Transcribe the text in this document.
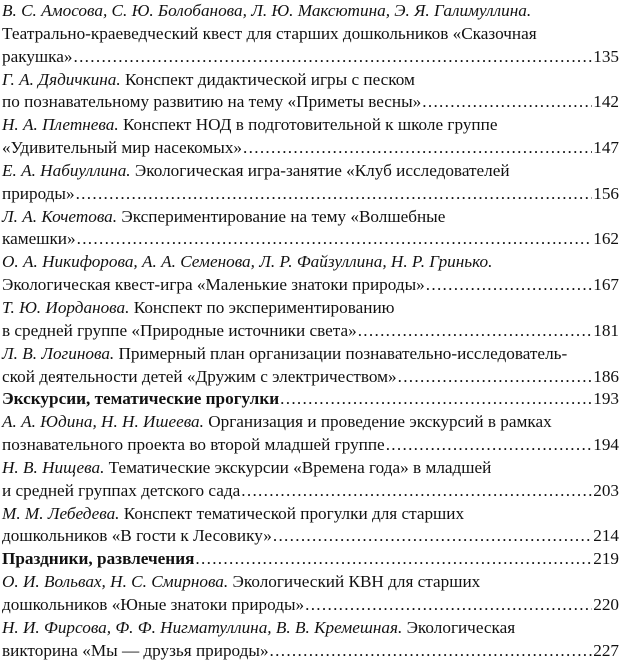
В. С. Амосова, С. Ю. Болобанова, Л. Ю. Максютина, Э. Я. Галимуллина.
Театрально-краеведческий квест для старших дошкольников «Сказочная
ракушка» . . .	135
Г. А. Дядичкина. Конспект дидактической игры с песком
по познавательному развитию на тему «Приметы весны» . . .	142
Н. А. Плетнева. Конспект НОД в подготовительной к школе группе
«Удивительный мир насекомых» . . .	147
Е. А. Набиуллина. Экологическая игра-занятие «Клуб исследователей
природы» . . .	156
Л. А. Кочетова. Экспериментирование на тему «Волшебные
камешки» . . .	162
О. А. Никифорова, А. А. Семенова, Л. Р. Файзуллина, Н. Р. Гринько.
Экологическая квест-игра «Маленькие знатоки природы» . . .	167
Т. Ю. Иорданова. Конспект по экспериментированию
в средней группе «Природные источники света» . . .	181
Л. В. Логинова. Примерный план организации познавательно-исследователь-
ской деятельности детей «Дружим с электричеством» . . .	186
Экскурсии, тематические прогулки . . .	193
А. А. Юдина, Н. Н. Ишеева. Организация и проведение экскурсий в рамках
познавательного проекта во второй младшей группе . . .	194
Н. В. Нищева. Тематические экскурсии «Времена года» в младшей
и средней группах детского сада . . .	203
М. М. Лебедева. Конспект тематической прогулки для старших
дошкольников «В гости к Лесовику» . . .	214
Праздники, развлечения . . .	219
О. И. Вольвах, Н. С. Смирнова. Экологический КВН для старших
дошкольников «Юные знатоки природы» . . .	220
Н. И. Фирсова, Ф. Ф. Нигматуллина, В. В. Кремешная. Экологическая
викторина «Мы — друзья природы» . . .	227
